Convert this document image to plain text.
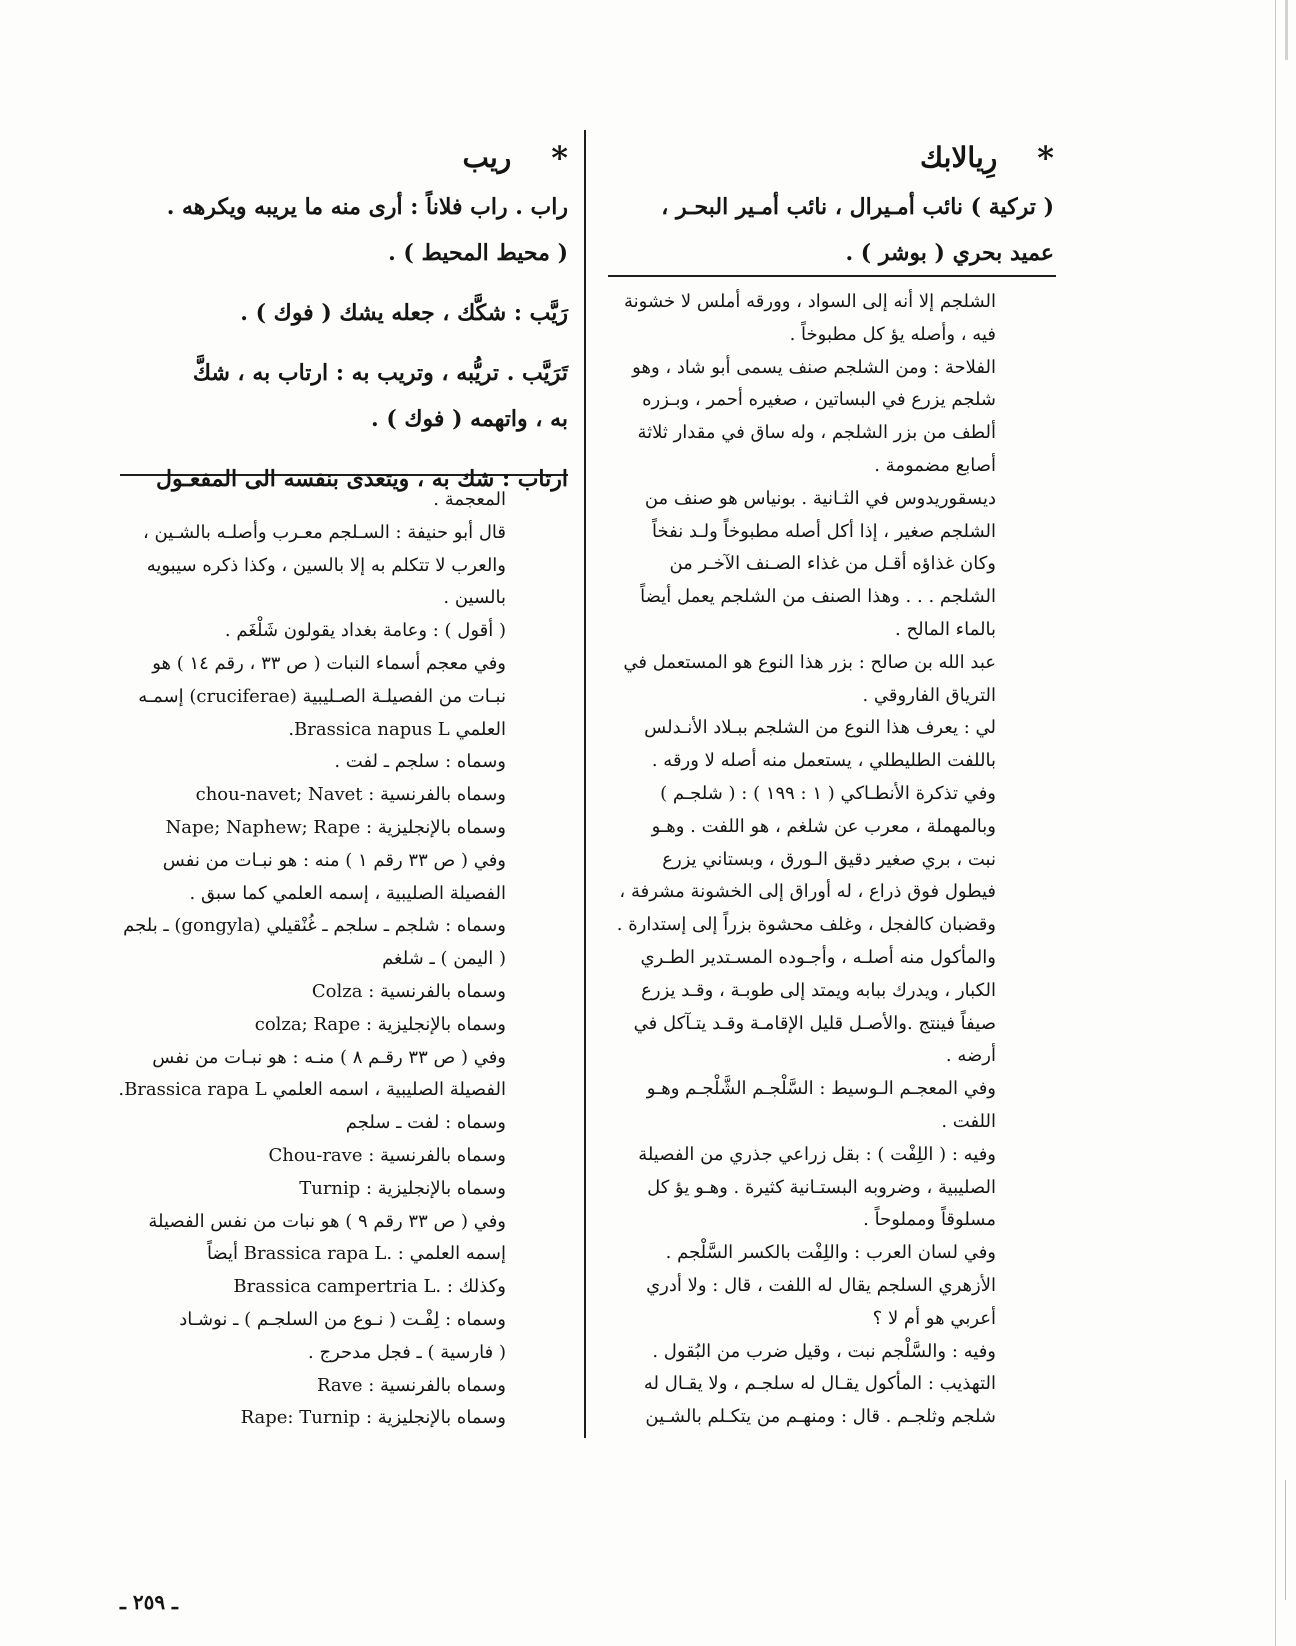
*
رِيالابك

( تركية ) نائب أمـيرال ، نائب أمـير البحـر ،

عميد بحري ( بوشر ) .

*
ريب

راب . راب فلاناً : أرى منه ما يريبه ويكرهه .

( محيط المحيط ) .

رَيَّب : شكَّك ، جعله يشك ( فوك ) .

تَرَيَّب . تريُّبه ، وتريب به : ارتاب به ، شكَّ

به ، واتهمه ( فوك ) .

ارتاب : شك به ، ويتعدى بنفسه الى المفعـول

الشلجم إلا أنه إلى السواد ، وورقه أملس لا خشونة

فيه ، وأصله يؤ كل مطبوخاً .

الفلاحة : ومن الشلجم صنف يسمى أبو شاد ، وهو

شلجم يزرع في البساتين ، صغيره أحمر ، وبـزره

ألطف من بزر الشلجم ، وله ساق في مقدار ثلاثة

أصابع مضمومة .

ديسقوريدوس في الثـانية . بونياس هو صنف من

الشلجم صغير ، إذا أكل أصله مطبوخاً ولـد نفخاً

وكان غذاؤه أقـل من غذاء الصـنف الآخـر من

الشلجم . . . وهذا الصنف من الشلجم يعمل أيضاً

بالماء المالح .

عبد الله بن صالح : بزر هذا النوع هو المستعمل في

الترياق الفاروقي .

لي : يعرف هذا النوع من الشلجم ببـلاد الأنـدلس

باللفت الطليطلي ، يستعمل منه أصله لا ورقه .

وفي تذكرة الأنطـاكي ( ١ : ١٩٩ ) : ( شلجـم )

وبالمهملة ، معرب عن شلغم ، هو اللفت . وهـو

نبت ، بري صغير دقيق الـورق ، وبستاني يزرع

فيطول فوق ذراع ، له أوراق إلى الخشونة مشرفة ،

وقضبان كالفجل ، وغلف محشوة بزراً إلى إستدارة .

والمأكول منه أصلـه ، وأجـوده المسـتدير الطـري

الكبار ، ويدرك ببابه ويمتد إلى طوبـة ، وقـد يزرع

صيفاً فينتج .والأصـل قليل الإقامـة وقـد يتـآكل في

أرضه .

وفي المعجـم الـوسيط : السَّلْجـم الشَّلْجـم وهـو

اللفت .

وفيه : ( اللِفْت ) : بقل زراعي جذري من الفصيلة

الصليبية ، وضروبه البستـانية كثيرة . وهـو يؤ كل

مسلوقاً ومملوحاً .

وفي لسان العرب : واللِفْت بالكسر السَّلْجم .

الأزهري السلجم يقال له اللفت ، قال : ولا أدري

أعربي هو أم لا ؟

وفيه : والسَّلْجم نبت ، وقيل ضرب من البُقول .

التهذيب : المأكول يقـال له سلجـم ، ولا يقـال له

شلجم وثلجـم . قال : ومنهـم من يتكـلم بالشـين

المعجمة .

قال أبو حنيفة : السـلجم معـرب وأصلـه بالشـين ،

والعرب لا تتكلم به إلا بالسين ، وكذا ذكره سيبويه

بالسين .

( أقول ) : وعامة بغداد يقولون شَلْغَم .

وفي معجم أسماء النبات ( ص ٣٣ ، رقم ١٤ ) هو

نبـات من الفصيلـة الصـليبية (cruciferae) إسمـه

العلمي Brassica napus L.

وسماه : سلجم ـ لفت .

وسماه بالفرنسية : chou-navet; Navet

وسماه بالإنجليزية : Nape; Naphew; Rape

وفي ( ص ٣٣ رقم ١ ) منه : هو نبـات من نفس

الفصيلة الصليبية ، إسمه العلمي كما سبق .

وسماه : شلجم ـ سلجم ـ غُنْقيلي (gongyla) ـ بلجم

( اليمن ) ـ شلغم

وسماه بالفرنسية : Colza

وسماه بالإنجليزية : colza; Rape

وفي ( ص ٣٣ رقـم ٨ ) منـه : هو نبـات من نفس

الفصيلة الصليبية ، اسمه العلمي Brassica rapa L.

وسماه : لفت ـ سلجم

وسماه بالفرنسية : Chou-rave

وسماه بالإنجليزية : Turnip

وفي ( ص ٣٣ رقم ٩ ) هو نبات من نفس الفصيلة

إسمه العلمي : .Brassica rapa L أيضاً

وكذلك : .Brassica campertria L

وسماه : لِفْـت ( نـوع من السلجـم ) ـ نوشـاد

( فارسية ) ـ فجل مدحرج .

وسماه بالفرنسية : Rave

وسماه بالإنجليزية : Rape: Turnip

ـ ٢٥٩ ـ
